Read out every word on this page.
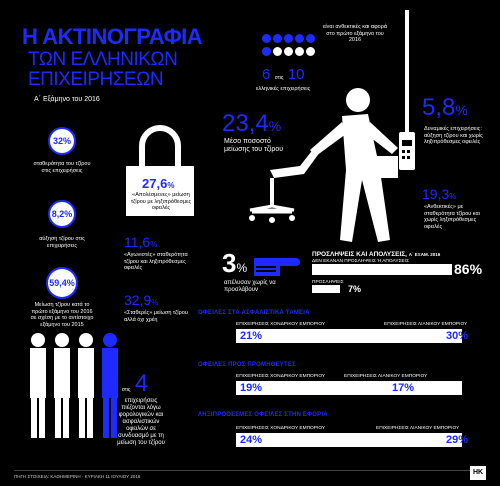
Η ΑΚΤΙΝΟΓΡΑΦΙΑ
ΤΩΝ ΕΛΛΗΝΙΚΩΝ
ΕΠΙΧΕΙΡΗΣΕΩΝ
Α΄ Εξάμηνο του 2016
είναι ανθεκτικές και αφορά στο πρώτο εξάμηνο του 2016
6 στις 10
ελληνικές επιχειρήσεις
32%
σταθερότητα του τζίρου στις επιχειρήσεις
8,2%
αύξηση τζίρου στις επιχειρήσεις
59,4%
Μείωση τζίρου κατά το πρώτο εξάμηνο του 2016 σε σχέση με το αντίστοιχο εξάμηνο του 2015
27,6%
«Απολέσμενες» μείωση τζίρου με ληξιπρόθεσμες οφειλές
11,6%
«Αγωνιστές» σταθερότητα τζίρου και ληξιπρόθεσμες οφειλές
32,9%
«Σταθερές» μείωση τζίρου αλλά όχι χρέη
23,4%
Μέσο ποσοστό μείωσης του τζίρου
5,8%
Δυναμικές επιχειρήσεις: αύξηση τζίρου και χωρίς ληξιπρόθεσμες οφειλές
19,3%
«Ανθεκτικές» με σταθερότητα τζίρου και χωρίς ληξιπρόθεσμες οφειλές
3%
απέλυσαν χωρίς να προσλάβουν
ΠΡΟΣΛΗΨΕΙΣ ΚΑΙ ΑΠΟΛΥΣΕΙΣ, Α΄ ΕΞΑΜ. 2016
ΔΕΝ ΕΚΑΝΑΝ ΠΡΟΣΛΗΨΕΙΣ Ή ΑΠΟΛΥΣΕΙΣ	86%
ΠΡΟΣΛΗΨΕΙΣ
7%
1 στις 4
επιχειρήσεις πιέζονται λόγω φορολογικών και ασφαλιστικών οφειλών σε συνδυασμό με τη μείωση του τζίρου
ΟΦΕΙΛΕΣ ΣΤΑ ΑΣΦΑΛΙΣΤΙΚΑ ΤΑΜΕΙΑ
ΕΠΙΧΕΙΡΗΣΕΙΣ ΧΟΝΔΡΙΚΟΥ ΕΜΠΟΡΙΟΥ	ΕΠΙΧΕΙΡΗΣΕΙΣ ΛΙΑΝΙΚΟΥ ΕΜΠΟΡΙΟΥ
21%	30%
ΟΦΕΙΛΕΣ ΠΡΟΣ ΠΡΟΜΗΘΕΥΤΕΣ
ΕΠΙΧΕΙΡΗΣΕΙΣ ΧΟΝΔΡΙΚΟΥ ΕΜΠΟΡΙΟΥ	ΕΠΙΧΕΙΡΗΣΕΙΣ ΛΙΑΝΙΚΟΥ ΕΜΠΟΡΙΟΥ
19%	17%
ΛΗΞΙΠΡΟΘΕΣΜΕΣ ΟΦΕΙΛΕΣ ΣΤΗΝ ΕΦΟΡΙΑ
ΕΠΙΧΕΙΡΗΣΕΙΣ ΧΟΝΔΡΙΚΟΥ ΕΜΠΟΡΙΟΥ	ΕΠΙΧΕΙΡΗΣΕΙΣ ΛΙΑΝΙΚΟΥ ΕΜΠΟΡΙΟΥ
24%	29%
ΠΗΓΗ ΣΤΟΙΧΕΙΑ: ΚΑΘΗΜΕΡΙΝΗ · ΚΥΡΙΑΚΗ 11 ΙΟΥΛΙΟΥ 2016
ΗΚ
